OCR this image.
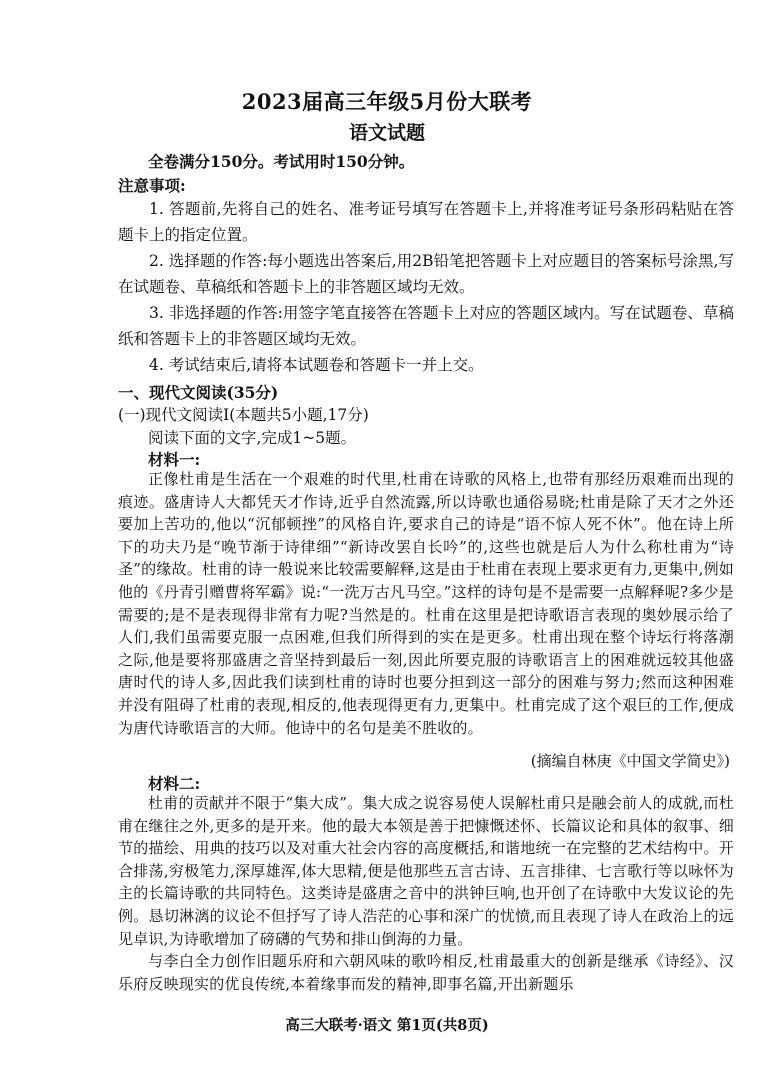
2023届高三年级5月份大联考
语文试题
全卷满分150分。考试用时150分钟。
注意事项:
1. 答题前,先将自己的姓名、准考证号填写在答题卡上,并将准考证号条形码粘贴在答题卡上的指定位置。
2. 选择题的作答:每小题选出答案后,用2B铅笔把答题卡上对应题目的答案标号涂黑,写在试题卷、草稿纸和答题卡上的非答题区域均无效。
3. 非选择题的作答:用签字笔直接答在答题卡上对应的答题区域内。写在试题卷、草稿纸和答题卡上的非答题区域均无效。
4. 考试结束后,请将本试题卷和答题卡一并上交。
一、现代文阅读(35分)
(一)现代文阅读Ⅰ(本题共5小题,17分)
阅读下面的文字,完成1~5题。
材料一:
正像杜甫是生活在一个艰难的时代里,杜甫在诗歌的风格上,也带有那经历艰难而出现的痕迹。盛唐诗人大都凭天才作诗,近乎自然流露,所以诗歌也通俗易晓;杜甫是除了天才之外还要加上苦功的,他以“沉郁顿挫”的风格自许,要求自己的诗是“语不惊人死不休”。他在诗上所下的功夫乃是“晚节渐于诗律细”“新诗改罢自长吟”的,这些也就是后人为什么称杜甫为“诗圣”的缘故。杜甫的诗一般说来比较需要解释,这是由于杜甫在表现上要求更有力,更集中,例如他的《丹青引赠曹将军霸》说:“一洗万古凡马空。”这样的诗句是不是需要一点解释呢?多少是需要的;是不是表现得非常有力呢?当然是的。杜甫在这里是把诗歌语言表现的奥妙展示给了人们,我们虽需要克服一点困难,但我们所得到的实在是更多。杜甫出现在整个诗坛行将落潮之际,他是要将那盛唐之音坚持到最后一刻,因此所要克服的诗歌语言上的困难就远较其他盛唐时代的诗人多,因此我们读到杜甫的诗时也要分担到这一部分的困难与努力;然而这种困难并没有阻碍了杜甫的表现,相反的,他表现得更有力,更集中。杜甫完成了这个艰巨的工作,便成为唐代诗歌语言的大师。他诗中的名句是美不胜收的。
(摘编自林庚《中国文学简史》)
材料二:
杜甫的贡献并不限于“集大成”。集大成之说容易使人误解杜甫只是融会前人的成就,而杜甫在继往之外,更多的是开来。他的最大本领是善于把慷慨述怀、长篇议论和具体的叙事、细节的描绘、用典的技巧以及对重大社会内容的高度概括,和谐地统一在完整的艺术结构中。开合排荡,穷极笔力,深厚雄浑,体大思精,便是他那些五言古诗、五言排律、七言歌行等以咏怀为主的长篇诗歌的共同特色。这类诗是盛唐之音中的洪钟巨响,也开创了在诗歌中大发议论的先例。恳切淋漓的议论不但抒写了诗人浩茫的心事和深广的忧愤,而且表现了诗人在政治上的远见卓识,为诗歌增加了磅礴的气势和排山倒海的力量。
与李白全力创作旧题乐府和六朝风味的歌吟相反,杜甫最重大的创新是继承《诗经》、汉乐府反映现实的优良传统,本着缘事而发的精神,即事名篇,开出新题乐
高三大联考·语文 第1页(共8页)
